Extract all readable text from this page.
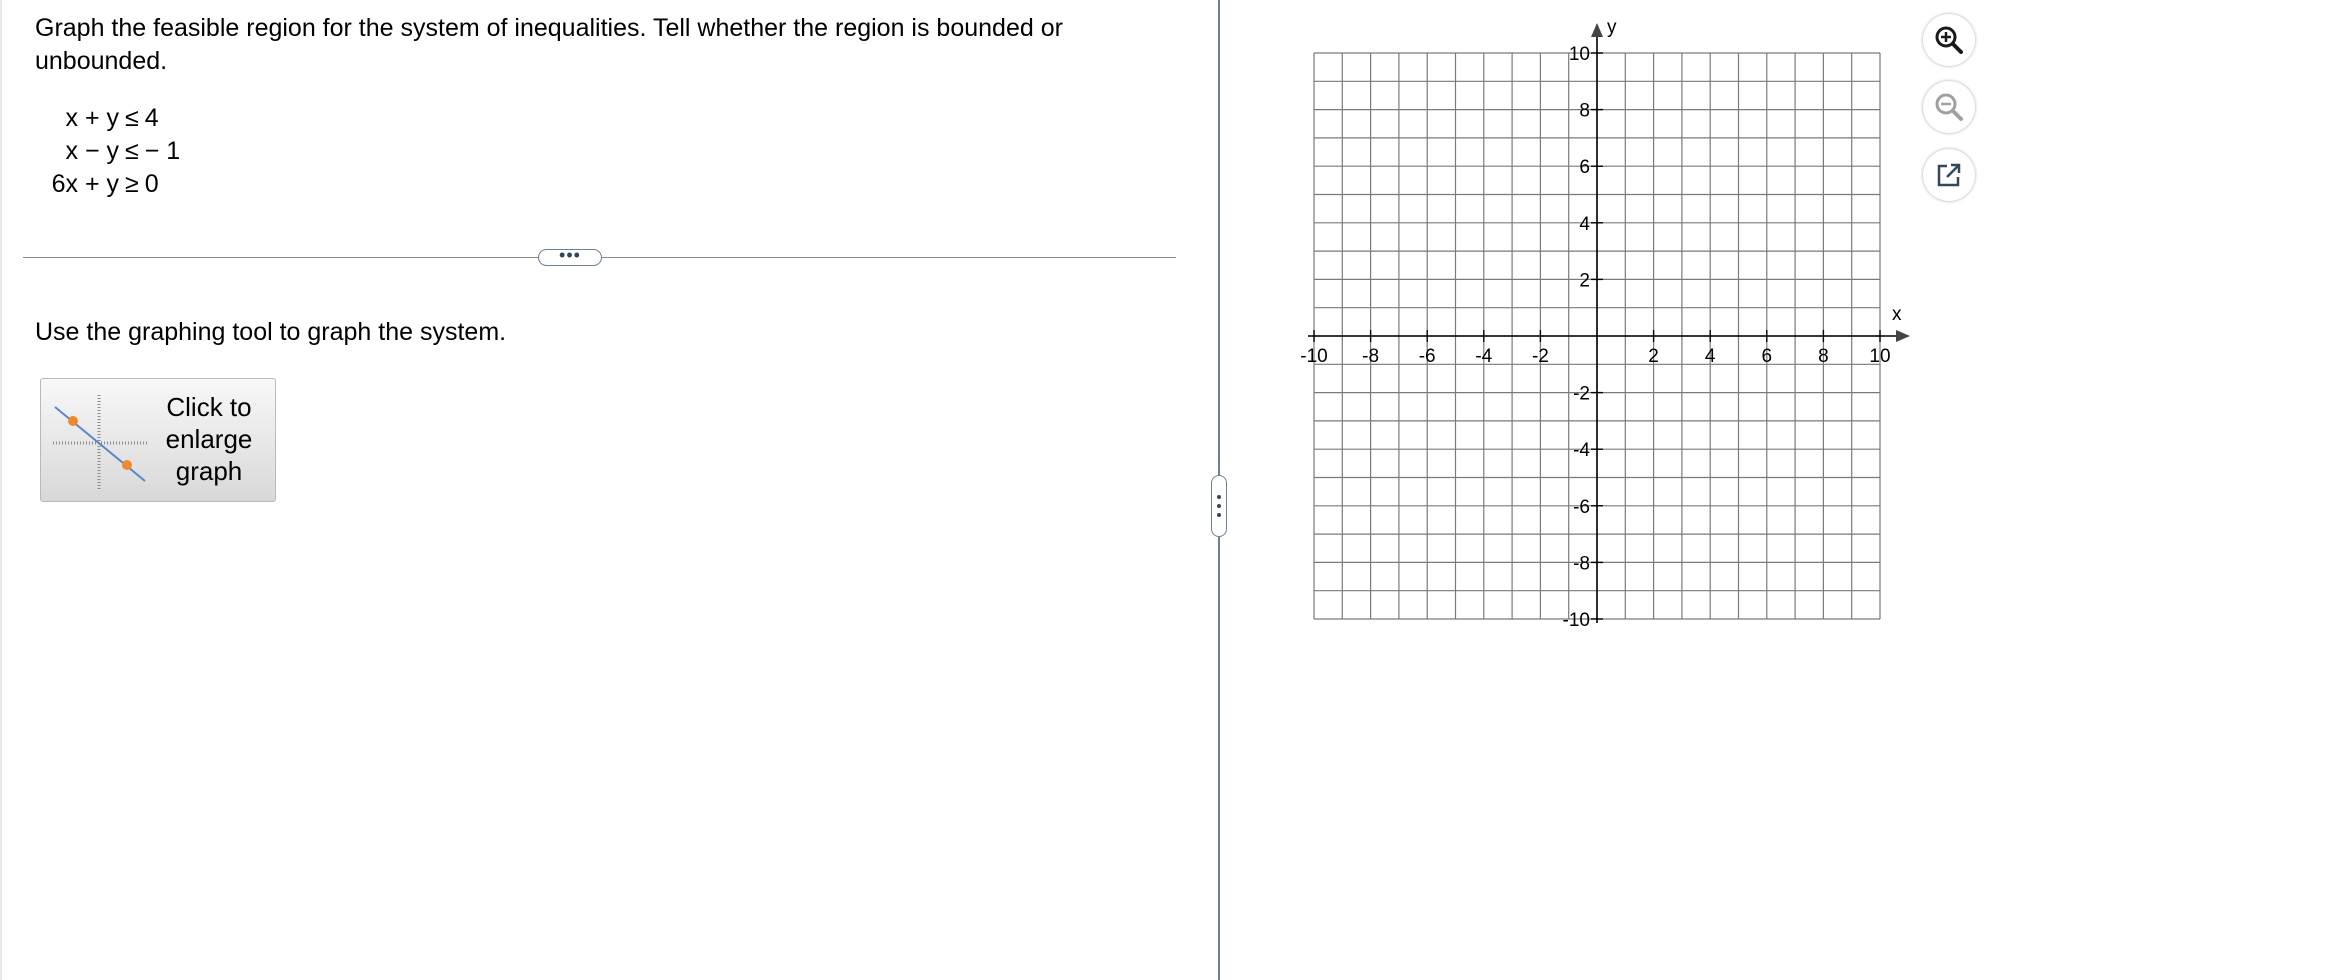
Graph the feasible region for the system of inequalities. Tell whether the region is bounded or unbounded.
x + y ≤ 4
x − y ≤ − 1
6x + y ≥ 0
•••
Use the graphing tool to graph the system.
Click to enlarge graph
-10 -8 -6 -4 -2	2 4 6 8 10
10
8
6
4
2
-2
-4
-6
-8
-10
x
y
